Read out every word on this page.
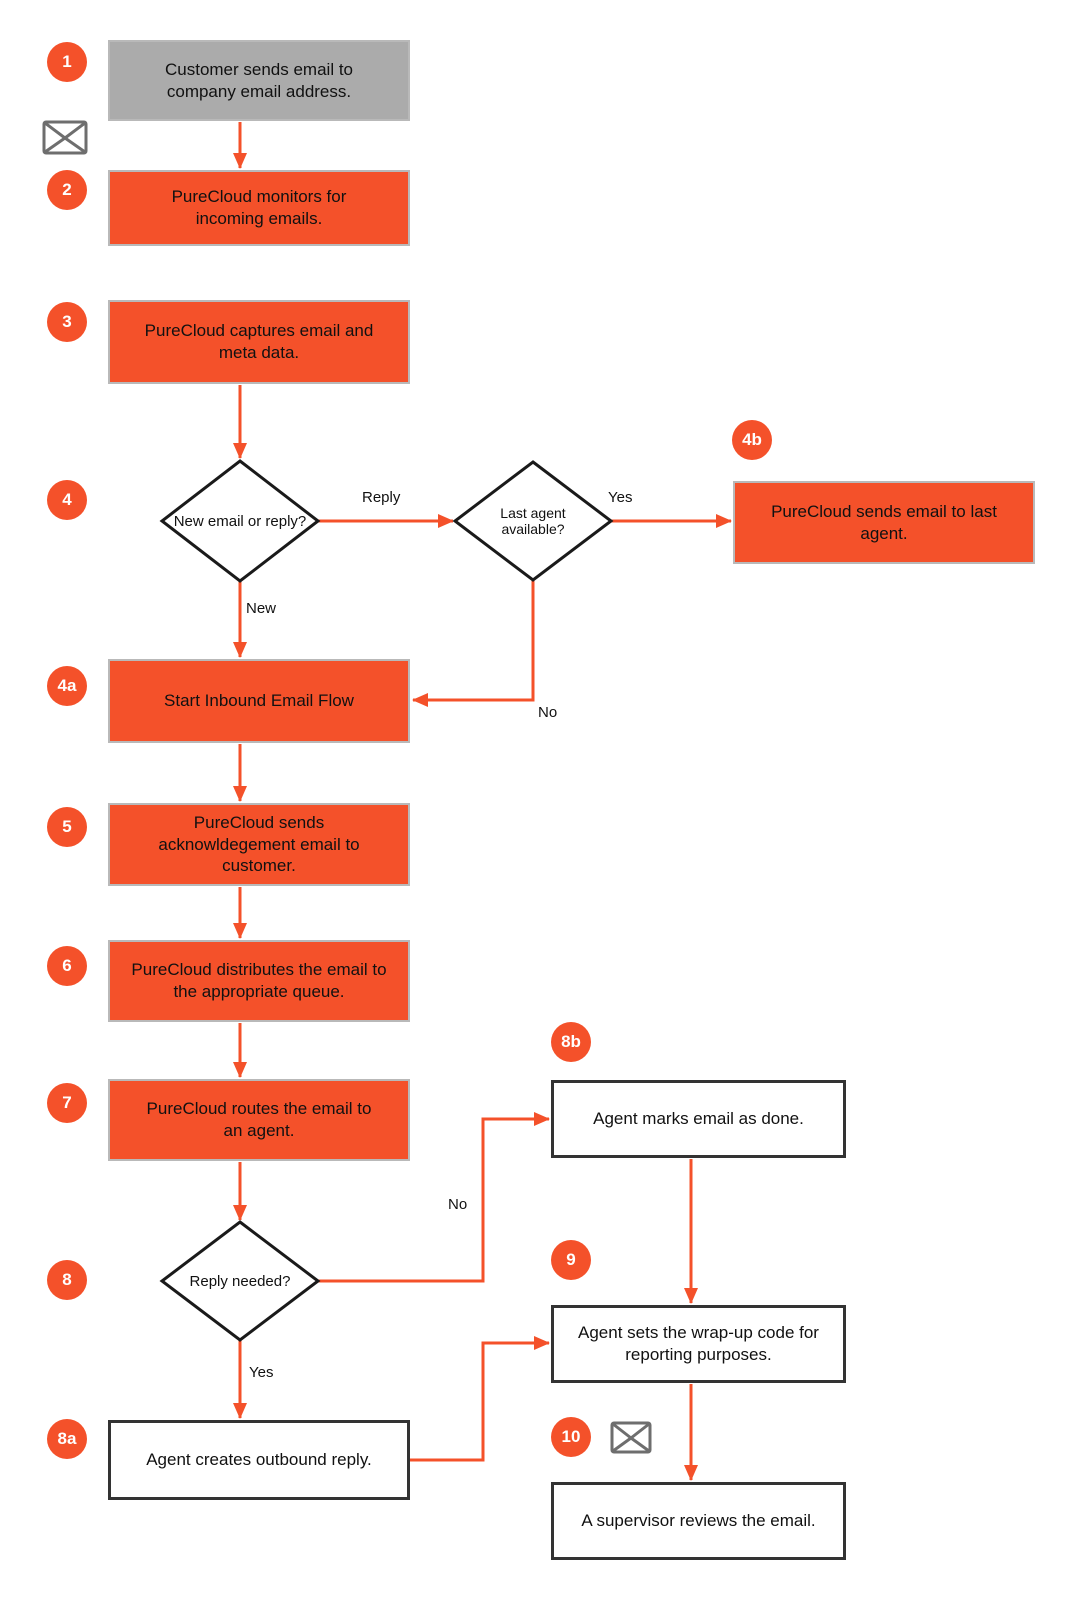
1
2
3
4
4b
4a
5
6
7
8
8b
9
8a	10
Customer sends email to company email address.
PureCloud monitors for incoming emails.
PureCloud captures email and meta data.
PureCloud sends email to last agent.
Start Inbound Email Flow
PureCloud sends acknowldegement email to customer.
PureCloud distributes the email to the appropriate queue.
PureCloud routes the email to an agent.
Agent marks email as done.
Agent sets the wrap-up code for reporting purposes.
Agent creates outbound reply.
A supervisor reviews the email.
New email or reply?	Last agent available?
Reply needed?
Reply	Yes
New
No
No
Yes
